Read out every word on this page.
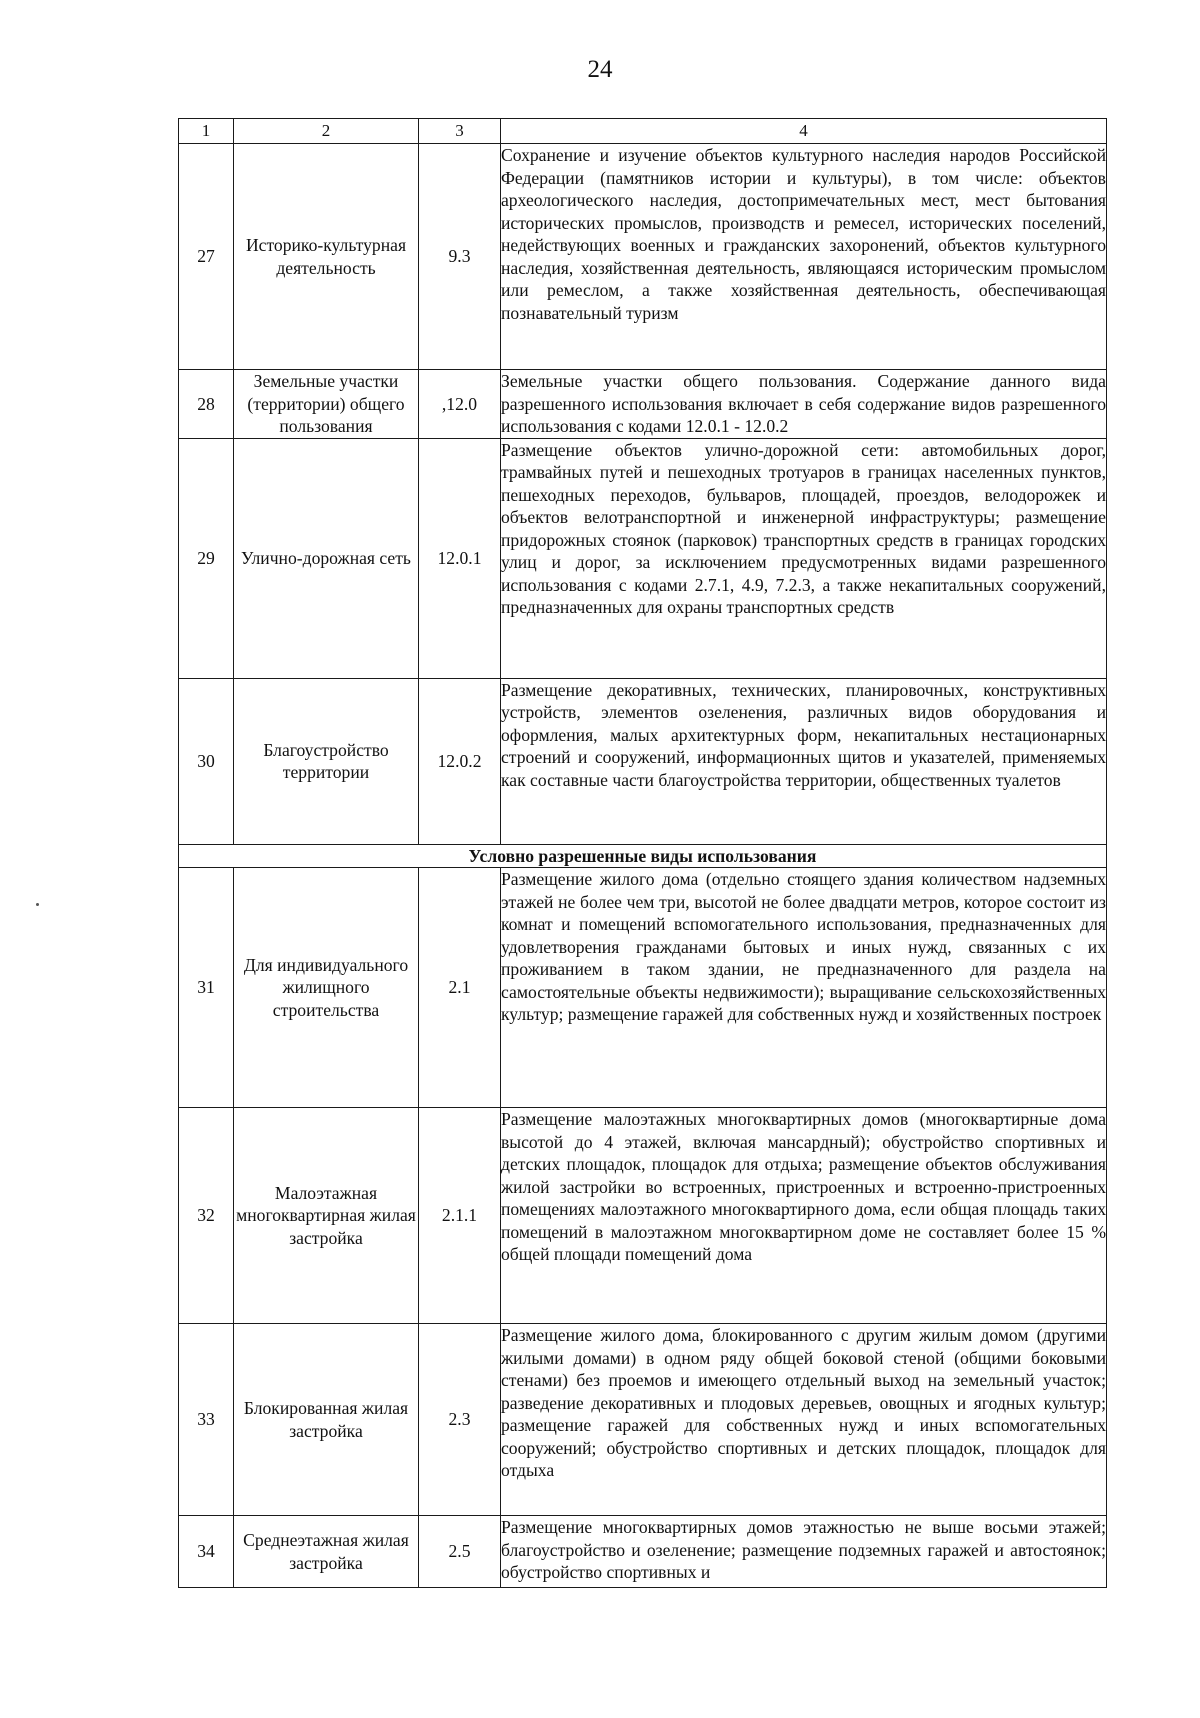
24
1	2	3	4
27	Историко-культурная деятельность	9.3	Сохранение и изучение объектов культурного наследия народов Российской Федерации (памятников истории и культуры), в том числе: объектов археологического наследия, достопримечательных мест, мест бытования исторических промыслов, производств и ремесел, исторических поселений, недействующих военных и гражданских захоронений, объектов культурного наследия, хозяйственная деятельность, являющаяся историческим промыслом или ремеслом, а также хозяйственная деятельность, обеспечивающая познавательный туризм
28	Земельные участки (территории) общего пользования	,12.0	Земельные участки общего пользования. Содержание данного вида разрешенного использования включает в себя содержание видов разрешенного использования с кодами 12.0.1 - 12.0.2
29	Улично-дорожная сеть	12.0.1	Размещение объектов улично-дорожной сети: автомобильных дорог, трамвайных путей и пешеходных тротуаров в границах населенных пунктов, пешеходных переходов, бульваров, площадей, проездов, велодорожек и объектов велотранспортной и инженерной инфраструктуры; размещение придорожных стоянок (парковок) транспортных средств в границах городских улиц и дорог, за исключением предусмотренных видами разрешенного использования с кодами 2.7.1, 4.9, 7.2.3, а также некапитальных сооружений, предназначенных для охраны транспортных средств
30	Благоустройство территории	12.0.2	Размещение декоративных, технических, планировочных, конструктивных устройств, элементов озеленения, различных видов оборудования и оформления, малых архитектурных форм, некапитальных нестационарных строений и сооружений, информационных щитов и указателей, применяемых как составные части благоустройства территории, общественных туалетов
Условно разрешенные виды использования			
31	Для индивидуального жилищного строительства	2.1	Размещение жилого дома (отдельно стоящего здания количеством надземных этажей не более чем три, высотой не более двадцати метров, которое состоит из комнат и помещений вспомогательного использования, предназначенных для удовлетворения гражданами бытовых и иных нужд, связанных с их проживанием в таком здании, не предназначенного для раздела на самостоятельные объекты недвижимости); выращивание сельскохозяйственных культур; размещение гаражей для собственных нужд и хозяйственных построек
32	Малоэтажная многоквартирная жилая застройка	2.1.1	Размещение малоэтажных многоквартирных домов (многоквартирные дома высотой до 4 этажей, включая мансардный); обустройство спортивных и детских площадок, площадок для отдыха; размещение объектов обслуживания жилой застройки во встроенных, пристроенных и встроенно-пристроенных помещениях малоэтажного многоквартирного дома, если общая площадь таких помещений в малоэтажном многоквартирном доме не составляет более 15 % общей площади помещений дома
33	Блокированная жилая застройка	2.3	Размещение жилого дома, блокированного с другим жилым домом (другими жилыми домами) в одном ряду общей боковой стеной (общими боковыми стенами) без проемов и имеющего отдельный выход на земельный участок; разведение декоративных и плодовых деревьев, овощных и ягодных культур; размещение гаражей для собственных нужд и иных вспомогательных сооружений; обустройство спортивных и детских площадок, площадок для отдыха
34	Среднеэтажная жилая застройка	2.5	Размещение многоквартирных домов этажностью не выше восьми этажей; благоустройство и озеленение; размещение подземных гаражей и автостоянок; обустройство спортивных и
